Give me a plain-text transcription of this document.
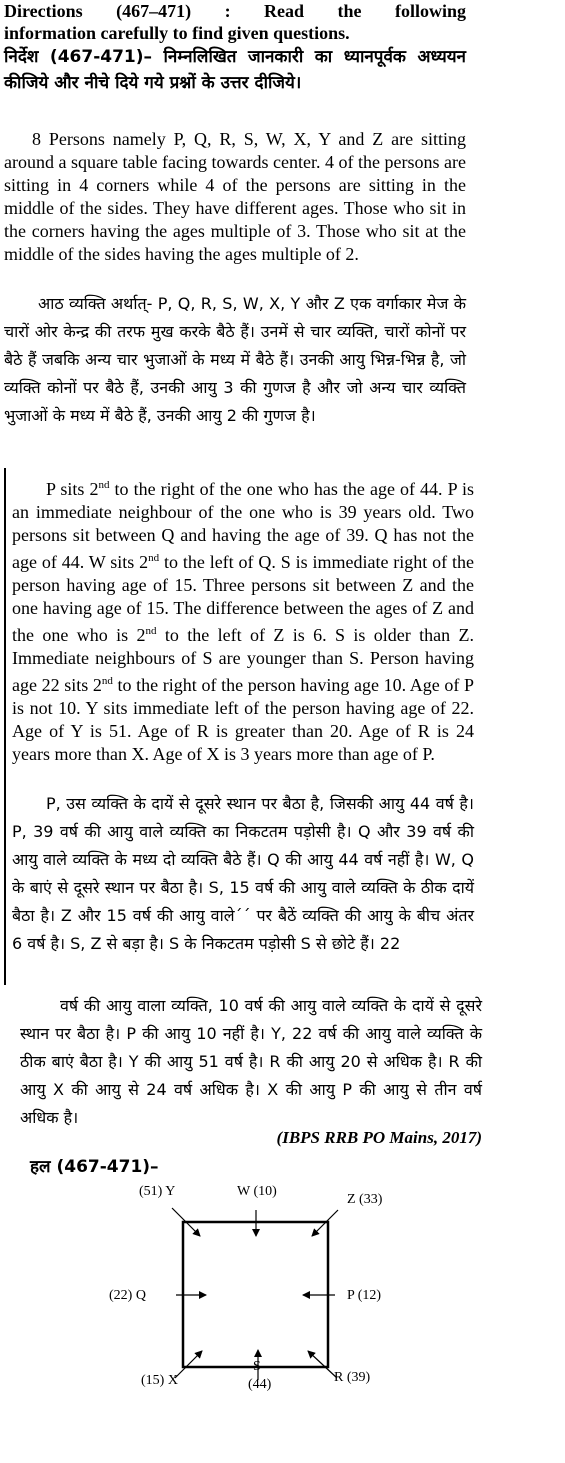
Directions (467–471) : Read the following
information carefully to find given questions.
निर्देश (467-471)– निम्नलिखित जानकारी का ध्यानपूर्वक अध्ययन कीजिये और नीचे दिये गये प्रश्नों के उत्तर दीजिये।
8 Persons namely P, Q, R, S, W, X, Y and Z are sitting around a square table facing towards center. 4 of the persons are sitting in 4 corners while 4 of the persons are sitting in the middle of the sides. They have different ages. Those who sit in the corners having the ages multiple of 3. Those who sit at the middle of the sides having the ages multiple of 2.
आठ व्यक्ति अर्थात्- P, Q, R, S, W, X, Y और Z एक वर्गाकार मेज के चारों ओर केन्द्र की तरफ मुख करके बैठे हैं। उनमें से चार व्यक्ति, चारों कोनों पर बैठे हैं जबकि अन्य चार भुजाओं के मध्य में बैठे हैं। उनकी आयु भिन्न-भिन्न है, जो व्यक्ति कोनों पर बैठे हैं, उनकी आयु 3 की गुणज है और जो अन्य चार व्यक्ति भुजाओं के मध्य में बैठे हैं, उनकी आयु 2 की गुणज है।
P sits 2nd to the right of the one who has the age of 44. P is an immediate neighbour of the one who is 39 years old. Two persons sit between Q and having the age of 39. Q has not the age of 44. W sits 2nd to the left of Q. S is immediate right of the person having age of 15. Three persons sit between Z and the one having age of 15. The difference between the ages of Z and the one who is 2nd to the left of Z is 6. S is older than Z. Immediate neighbours of S are younger than S. Person having age 22 sits 2nd to the right of the person having age 10. Age of P is not 10. Y sits immediate left of the person having age of 22. Age of Y is 51. Age of R is greater than 20. Age of R is 24 years more than X. Age of X is 3 years more than age of P.
P, उस व्यक्ति के दायें से दूसरे स्थान पर बैठा है, जिसकी आयु 44 वर्ष है। P, 39 वर्ष की आयु वाले व्यक्ति का निकटतम पड़ोसी है। Q और 39 वर्ष की आयु वाले व्यक्ति के मध्य दो व्यक्ति बैठे हैं। Q की आयु 44 वर्ष नहीं है। W, Q के बाएं से दूसरे स्थान पर बैठा है। S, 15 वर्ष की आयु वाले व्यक्ति के ठीक दायें बैठा है। Z और 15 वर्ष की आयु वाले´´ पर बैठें व्यक्ति की आयु के बीच अंतर 6 वर्ष है। S, Z से बड़ा है। S के निकटतम पड़ोसी S से छोटे हैं। 22
वर्ष की आयु वाला व्यक्ति, 10 वर्ष की आयु वाले व्यक्ति के दायें से दूसरे स्थान पर बैठा है। P की आयु 10 नहीं है। Y, 22 वर्ष की आयु वाले व्यक्ति के ठीक बाएं बैठा है। Y की आयु 51 वर्ष है। R की आयु 20 से अधिक है। R की आयु X की आयु से 24 वर्ष अधिक है। X की आयु P की आयु से तीन वर्ष अधिक है।
(IBPS RRB PO Mains, 2017)
हल (467-471)–
(51) Y	W (10)
Z (33)
(22) Q	P (12)
(15) X
S
(44)	R (39)
